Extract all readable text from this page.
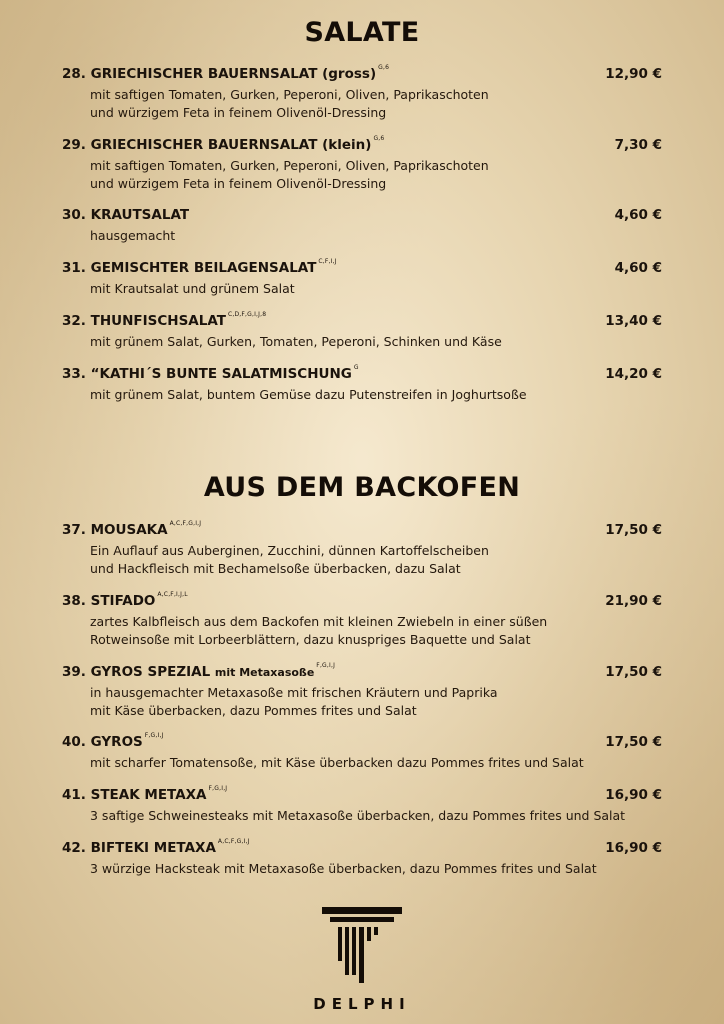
SALATE
28. GRIECHISCHER BAUERNSALAT (gross) $^{G,6}$	12,90 €
mit saftigen Tomaten, Gurken, Peperoni, Oliven, Paprikaschoten
und würzigem Feta in feinem Olivenöl-Dressing
29. GRIECHISCHER BAUERNSALAT (klein) $^{G,6}$	7,30 €
mit saftigen Tomaten, Gurken, Peperoni, Oliven, Paprikaschoten
und würzigem Feta in feinem Olivenöl-Dressing
30. KRAUTSALAT	4,60 €
hausgemacht
31. GEMISCHTER BEILAGENSALAT $^{C,F,I,J}$	4,60 €
mit Krautsalat und grünem Salat
32. THUNFISCHSALAT $^{C,D,F,G,I,J,8}$	13,40 €
mit grünem Salat, Gurken, Tomaten, Peperoni, Schinken und Käse
33. “KATHI´S BUNTE SALATMISCHUNG $^G$	14,20 €
mit grünem Salat, buntem Gemüse dazu Putenstreifen in Joghurtsoße
AUS DEM BACKOFEN
37. MOUSAKA $^{A,C,F,G,I,J}$	17,50 €
Ein Auflauf aus Auberginen, Zucchini, dünnen Kartoffelscheiben
und Hackfleisch mit Bechamelsoße überbacken, dazu Salat
38. STIFADO $^{A,C,F,I,J,L}$	21,90 €
zartes Kalbfleisch aus dem Backofen mit kleinen Zwiebeln in einer süßen
Rotweinsoße mit Lorbeerblättern, dazu knuspriges Baquette und Salat
39. GYROS SPEZIAL mit Metaxasoße$^{F,G,I,J}$	17,50 €
in hausgemachter Metaxasoße mit frischen Kräutern und Paprika
mit Käse überbacken, dazu Pommes frites und Salat
40. GYROS $^{F,G,I,J}$	17,50 €
mit scharfer Tomatensoße, mit Käse überbacken dazu Pommes frites und Salat
41. STEAK METAXA $^{F,G,I,J}$	16,90 €
3 saftige Schweinesteaks mit Metaxasoße überbacken, dazu Pommes frites und Salat
42. BIFTEKI METAXA $^{A,C,F,G,I,J}$	16,90 €
3 würzige Hacksteak mit Metaxasoße überbacken, dazu Pommes frites und Salat
DELPHI
